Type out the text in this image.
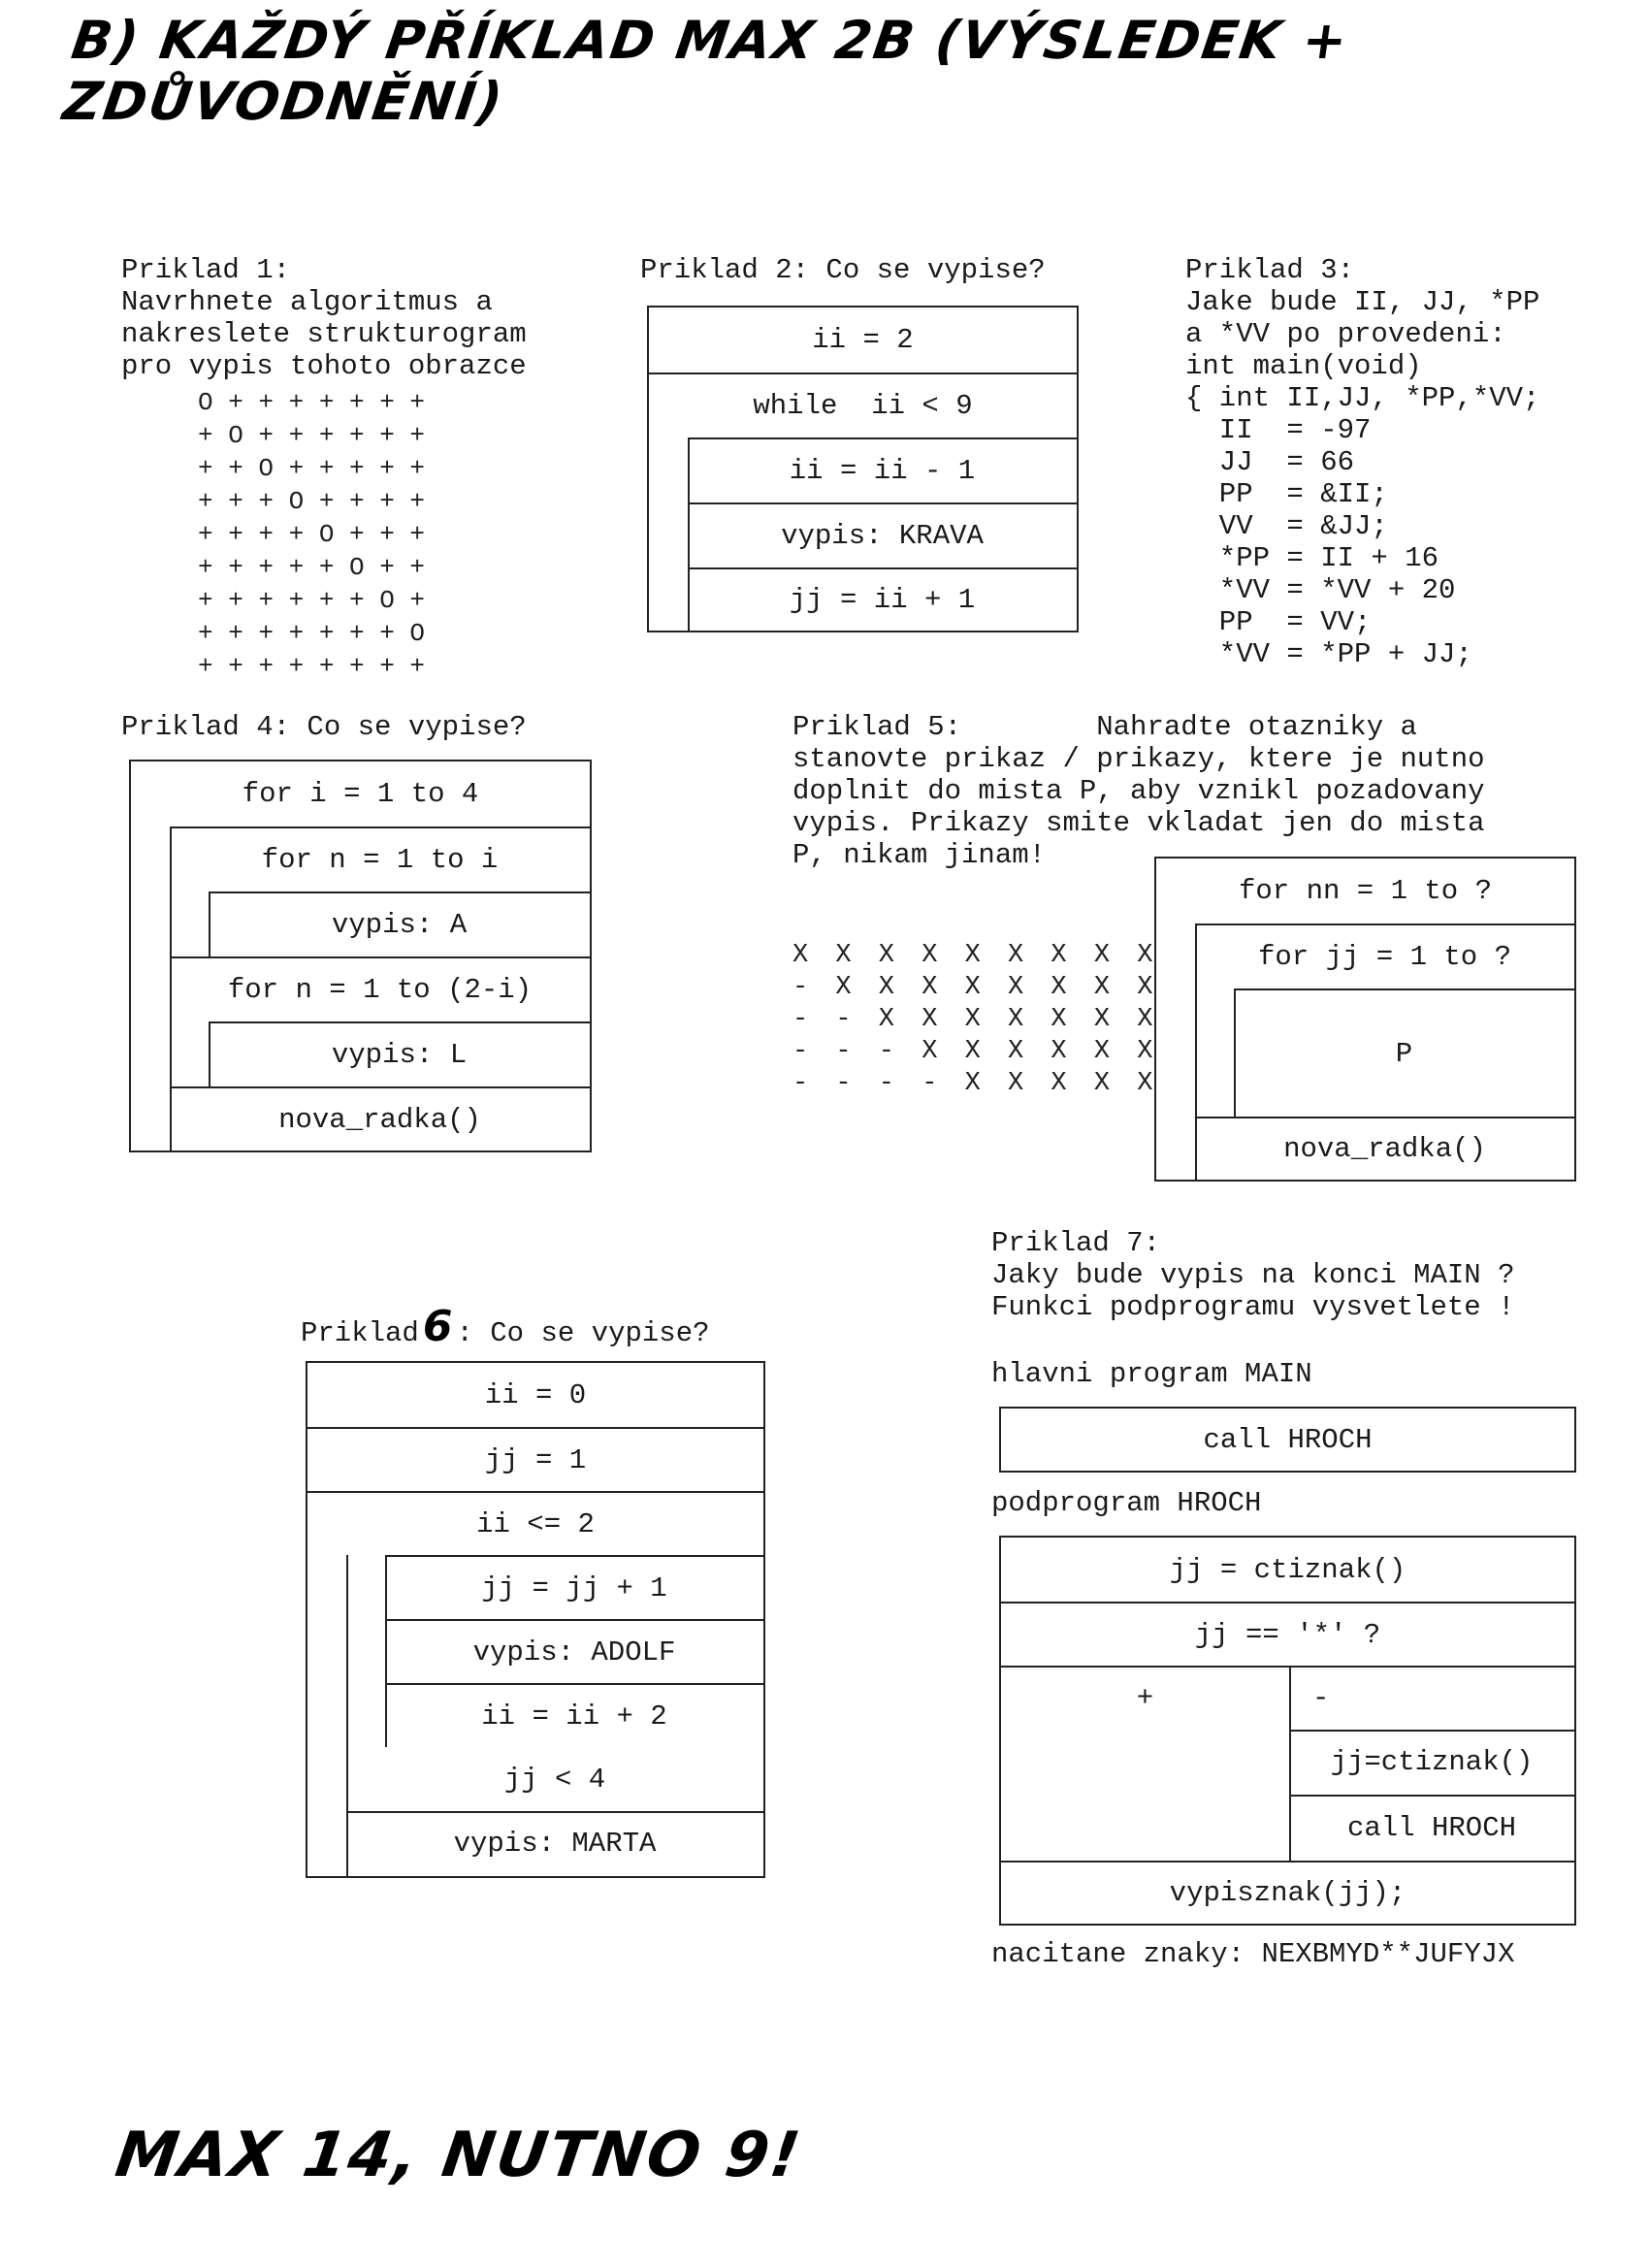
B) KAŽDÝ PŘÍKLAD MAX 2B (VÝSLEDEK + ZDŮVODNĚNÍ)
MAX 14, NUTNO 9!
Priklad 1:
Navrhnete algoritmus a
nakreslete strukturogram
pro vypis tohoto obrazce
O + + + + + + +
+ O + + + + + +
+ + O + + + + +
+ + + O + + + +
+ + + + O + + +
+ + + + + O + +
+ + + + + + O +
+ + + + + + + O
+ + + + + + + +
Priklad 2: Co se vypise?
ii = 2
while  ii < 9
ii = ii - 1
vypis: KRAVA
jj = ii + 1
Priklad 3:
Jake bude II, JJ, *PP
a *VV po provedeni:
int main(void)
{ int II,JJ, *PP,*VV;
II  = -97
JJ  = 66
PP  = &II;
VV  = &JJ;
*PP = II + 16
*VV = *VV + 20
PP  = VV;
*VV = *PP + JJ;
Priklad 4: Co se vypise?
for i = 1 to 4
for n = 1 to i
vypis: A
for n = 1 to (2-i)
vypis: L
nova_radka()
Priklad 5:        Nahradte otazniky a
stanovte prikaz / prikazy, ktere je nutno
doplnit do mista P, aby vznikl pozadovany
vypis. Prikazy smite vkladat jen do mista
P, nikam jinam!
X X X X X X X X X
- X X X X X X X X
- - X X X X X X X
- - - X X X X X X
- - - - X X X X X
for nn = 1 to ?
for jj = 1 to ?
P
nova_radka()
Priklad 6 : Co se vypise?
ii = 0
jj = 1
ii <= 2
jj = jj + 1
vypis: ADOLF
ii = ii + 2
jj < 4
vypis: MARTA
Priklad 7:
Jaky bude vypis na konci MAIN ?
Funkci podprogramu vysvetlete !
hlavni program MAIN
call HROCH
podprogram HROCH
jj = ctiznak()
jj == '*' ?
+	-
jj=ctiznak()
call HROCH
vypisznak(jj);
nacitane znaky: NEXBMYD**JUFYJX
